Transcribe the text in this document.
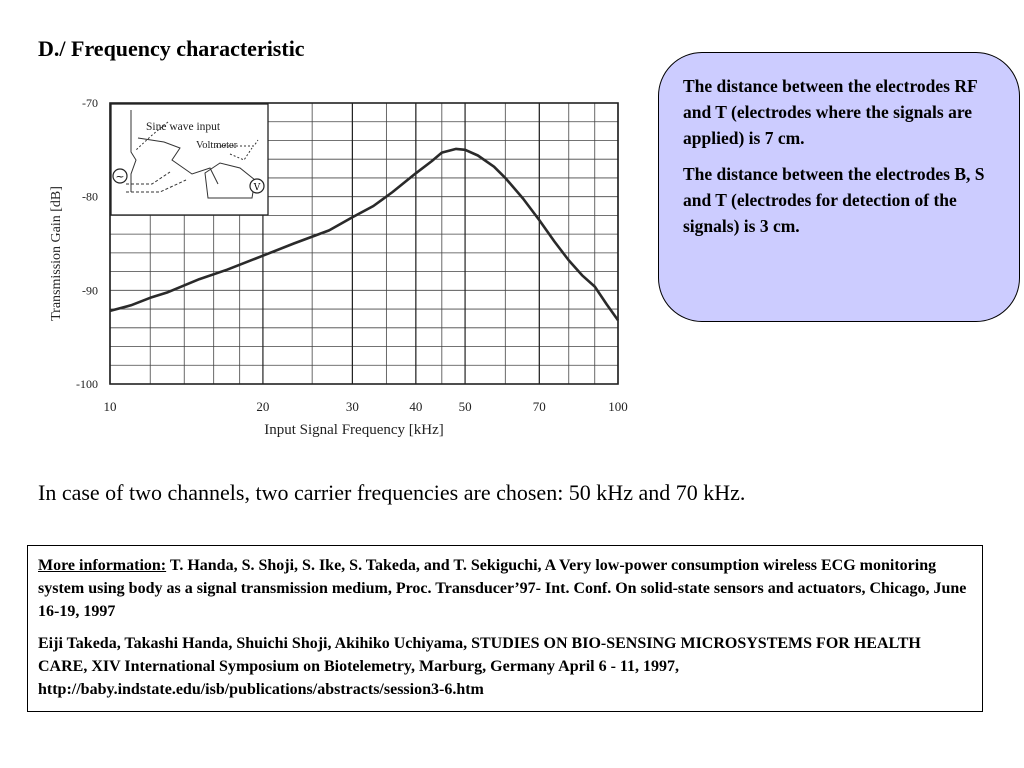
D./ Frequency characteristic

The distance between the electrodes RF and T (electrodes where the signals are applied) is 7 cm.

The distance between the electrodes B, S and T (electrodes for detection of the signals) is 3 cm.

~
V
Sine wave input
Voltmeter
10	20	30	40	50	70	100
-70
-80
-90
-100
Input Signal Frequency [kHz]
Transmission Gain [dB]

In case of two channels, two carrier frequencies are chosen: 50 kHz and 70 kHz.

More information: T. Handa, S. Shoji, S. Ike, S. Takeda, and T. Sekiguchi, A Very low-power consumption wireless ECG monitoring system using body as a signal transmission medium, Proc. Transducer’97- Int. Conf. On solid-state sensors and actuators, Chicago, June 16-19, 1997

Eiji Takeda, Takashi Handa, Shuichi Shoji, Akihiko Uchiyama, STUDIES ON BIO-SENSING MICROSYSTEMS FOR HEALTH CARE, XIV International Symposium on Biotelemetry, Marburg, Germany April 6 - 11, 1997, http://baby.indstate.edu/isb/publications/abstracts/session3-6.htm
